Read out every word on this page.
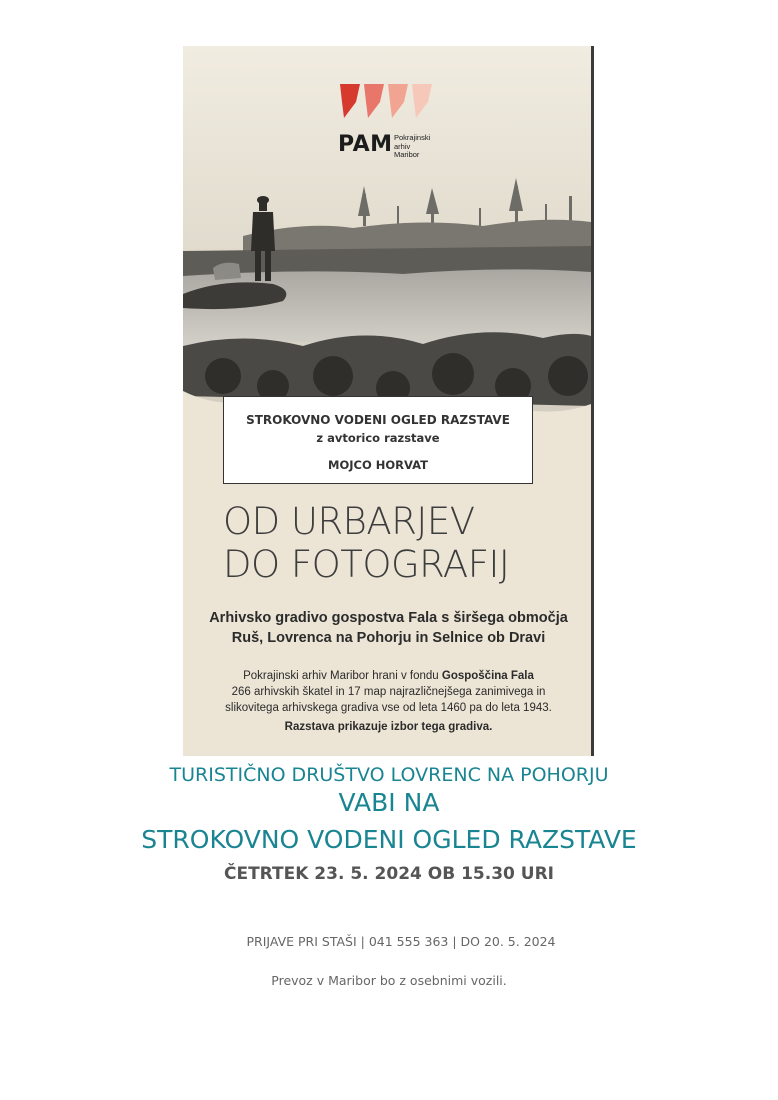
PAM Pokrajinski
arhiv
Maribor
STROKOVNO VODENI OGLED RAZSTAVE
z avtorico razstave
MOJCO HORVAT
OD URBARJEV
DO FOTOGRAFIJ
Arhivsko gradivo gospostva Fala s širšega območja
Ruš, Lovrenca na Pohorju in Selnice ob Dravi
Pokrajinski arhiv Maribor hrani v fondu Gospoščina Fala
266 arhivskih škatel in 17 map najrazličnejšega zanimivega in
slikovitega arhivskega gradiva vse od leta 1460 pa do leta 1943.
Razstava prikazuje izbor tega gradiva.
TURISTIČNO DRUŠTVO LOVRENC NA POHORJU
VABI NA
STROKOVNO VODENI OGLED RAZSTAVE
ČETRTEK 23. 5. 2024 OB 15.30 URI
PRIJAVE PRI STAŠI | 041 555 363 | DO 20. 5. 2024
Prevoz v Maribor bo z osebnimi vozili.
